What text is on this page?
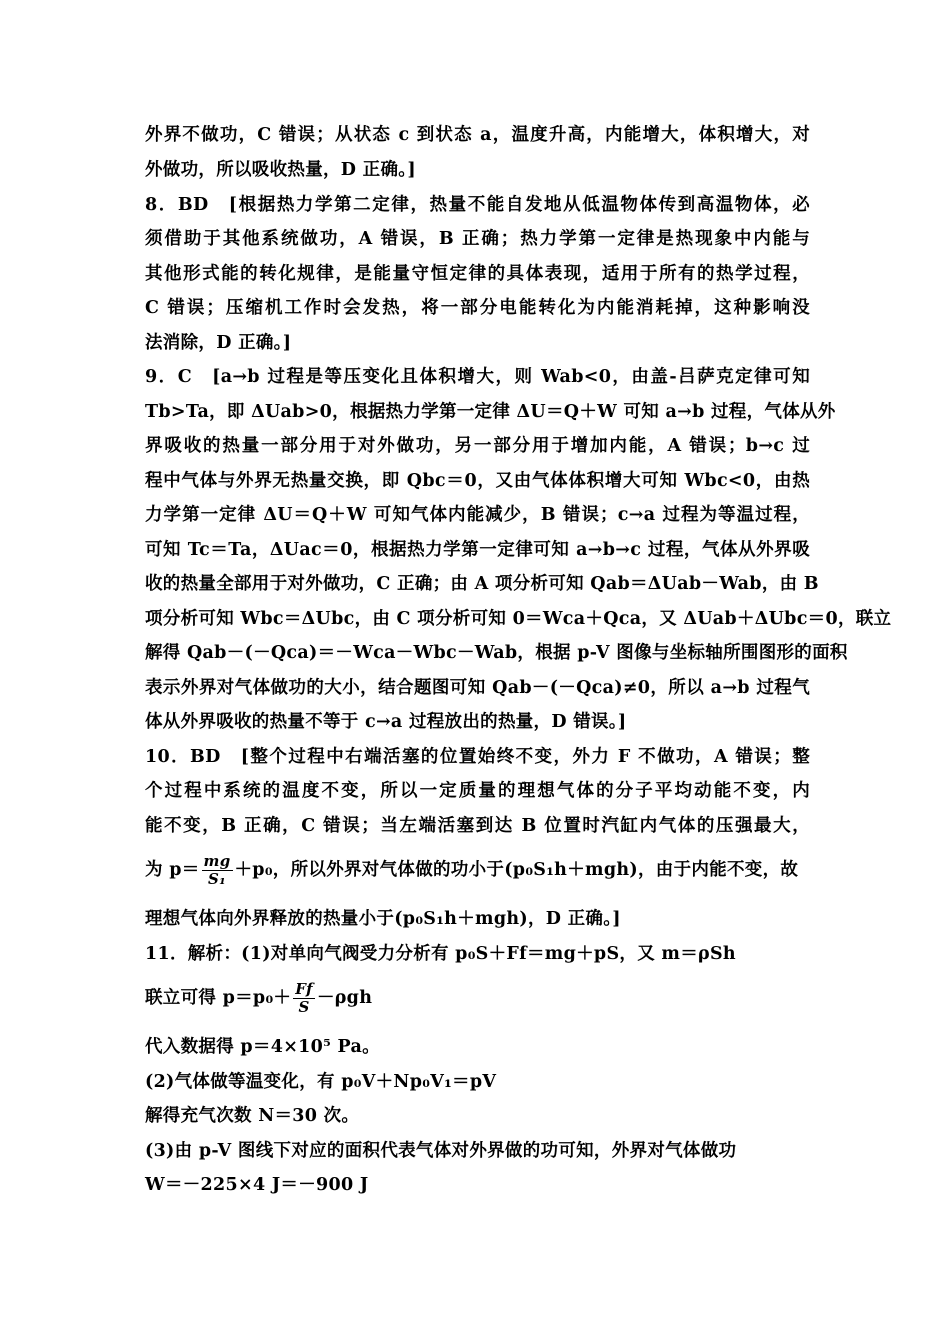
外界不做功，C 错误；从状态 c 到状态 a，温度升高，内能增大，体积增大，对
外做功，所以吸收热量，D 正确。]
8．BD　[根据热力学第二定律，热量不能自发地从低温物体传到高温物体，必
须借助于其他系统做功，A 错误，B 正确；热力学第一定律是热现象中内能与
其他形式能的转化规律，是能量守恒定律的具体表现，适用于所有的热学过程，
C 错误；压缩机工作时会发热，将一部分电能转化为内能消耗掉，这种影响没
法消除，D 正确。]
9．C　[a→b 过程是等压变化且体积增大，则 Wab<0，由盖-吕萨克定律可知
Tb>Ta，即 ΔUab>0，根据热力学第一定律 ΔU＝Q＋W 可知 a→b 过程，气体从外
界吸收的热量一部分用于对外做功，另一部分用于增加内能，A 错误；b→c 过
程中气体与外界无热量交换，即 Qbc＝0，又由气体体积增大可知 Wbc<0，由热
力学第一定律 ΔU＝Q＋W 可知气体内能减少，B 错误；c→a 过程为等温过程，
可知 Tc＝Ta，ΔUac＝0，根据热力学第一定律可知 a→b→c 过程，气体从外界吸
收的热量全部用于对外做功，C 正确；由 A 项分析可知 Qab＝ΔUab－Wab，由 B
项分析可知 Wbc＝ΔUbc，由 C 项分析可知 0＝Wca＋Qca，又 ΔUab＋ΔUbc＝0，联立
解得 Qab－(－Qca)＝－Wca－Wbc－Wab，根据 p-V 图像与坐标轴所围图形的面积
表示外界对气体做功的大小，结合题图可知 Qab－(－Qca)≠0，所以 a→b 过程气
体从外界吸收的热量不等于 c→a 过程放出的热量，D 错误。]
10．BD　[整个过程中右端活塞的位置始终不变，外力 F 不做功，A 错误；整
个过程中系统的温度不变，所以一定质量的理想气体的分子平均动能不变，内
能不变，B 正确，C 错误；当左端活塞到达 B 位置时汽缸内气体的压强最大，
为 $p= \frac{mg}{\text{S₁}} +p_0$，所以外界对气体做的功小于(p₀S₁h＋mgh)，由于内能不变，故
理想气体向外界释放的热量小于(p₀S₁h＋mgh)，D 正确。]
11．解析：(1)对单向气阀受力分析有 p₀S＋Ff＝mg＋pS，又 m＝ρSh
联立可得 $p=p_0+ \frac{Ff}{S} -\rho gh$
代入数据得 p＝4×10⁵ Pa。
(2)气体做等温变化，有 p₀V＋Np₀V₁＝pV
解得充气次数 N＝30 次。
(3)由 p-V 图线下对应的面积代表气体对外界做的功可知，外界对气体做功
W＝－225×4 J＝－900 J
